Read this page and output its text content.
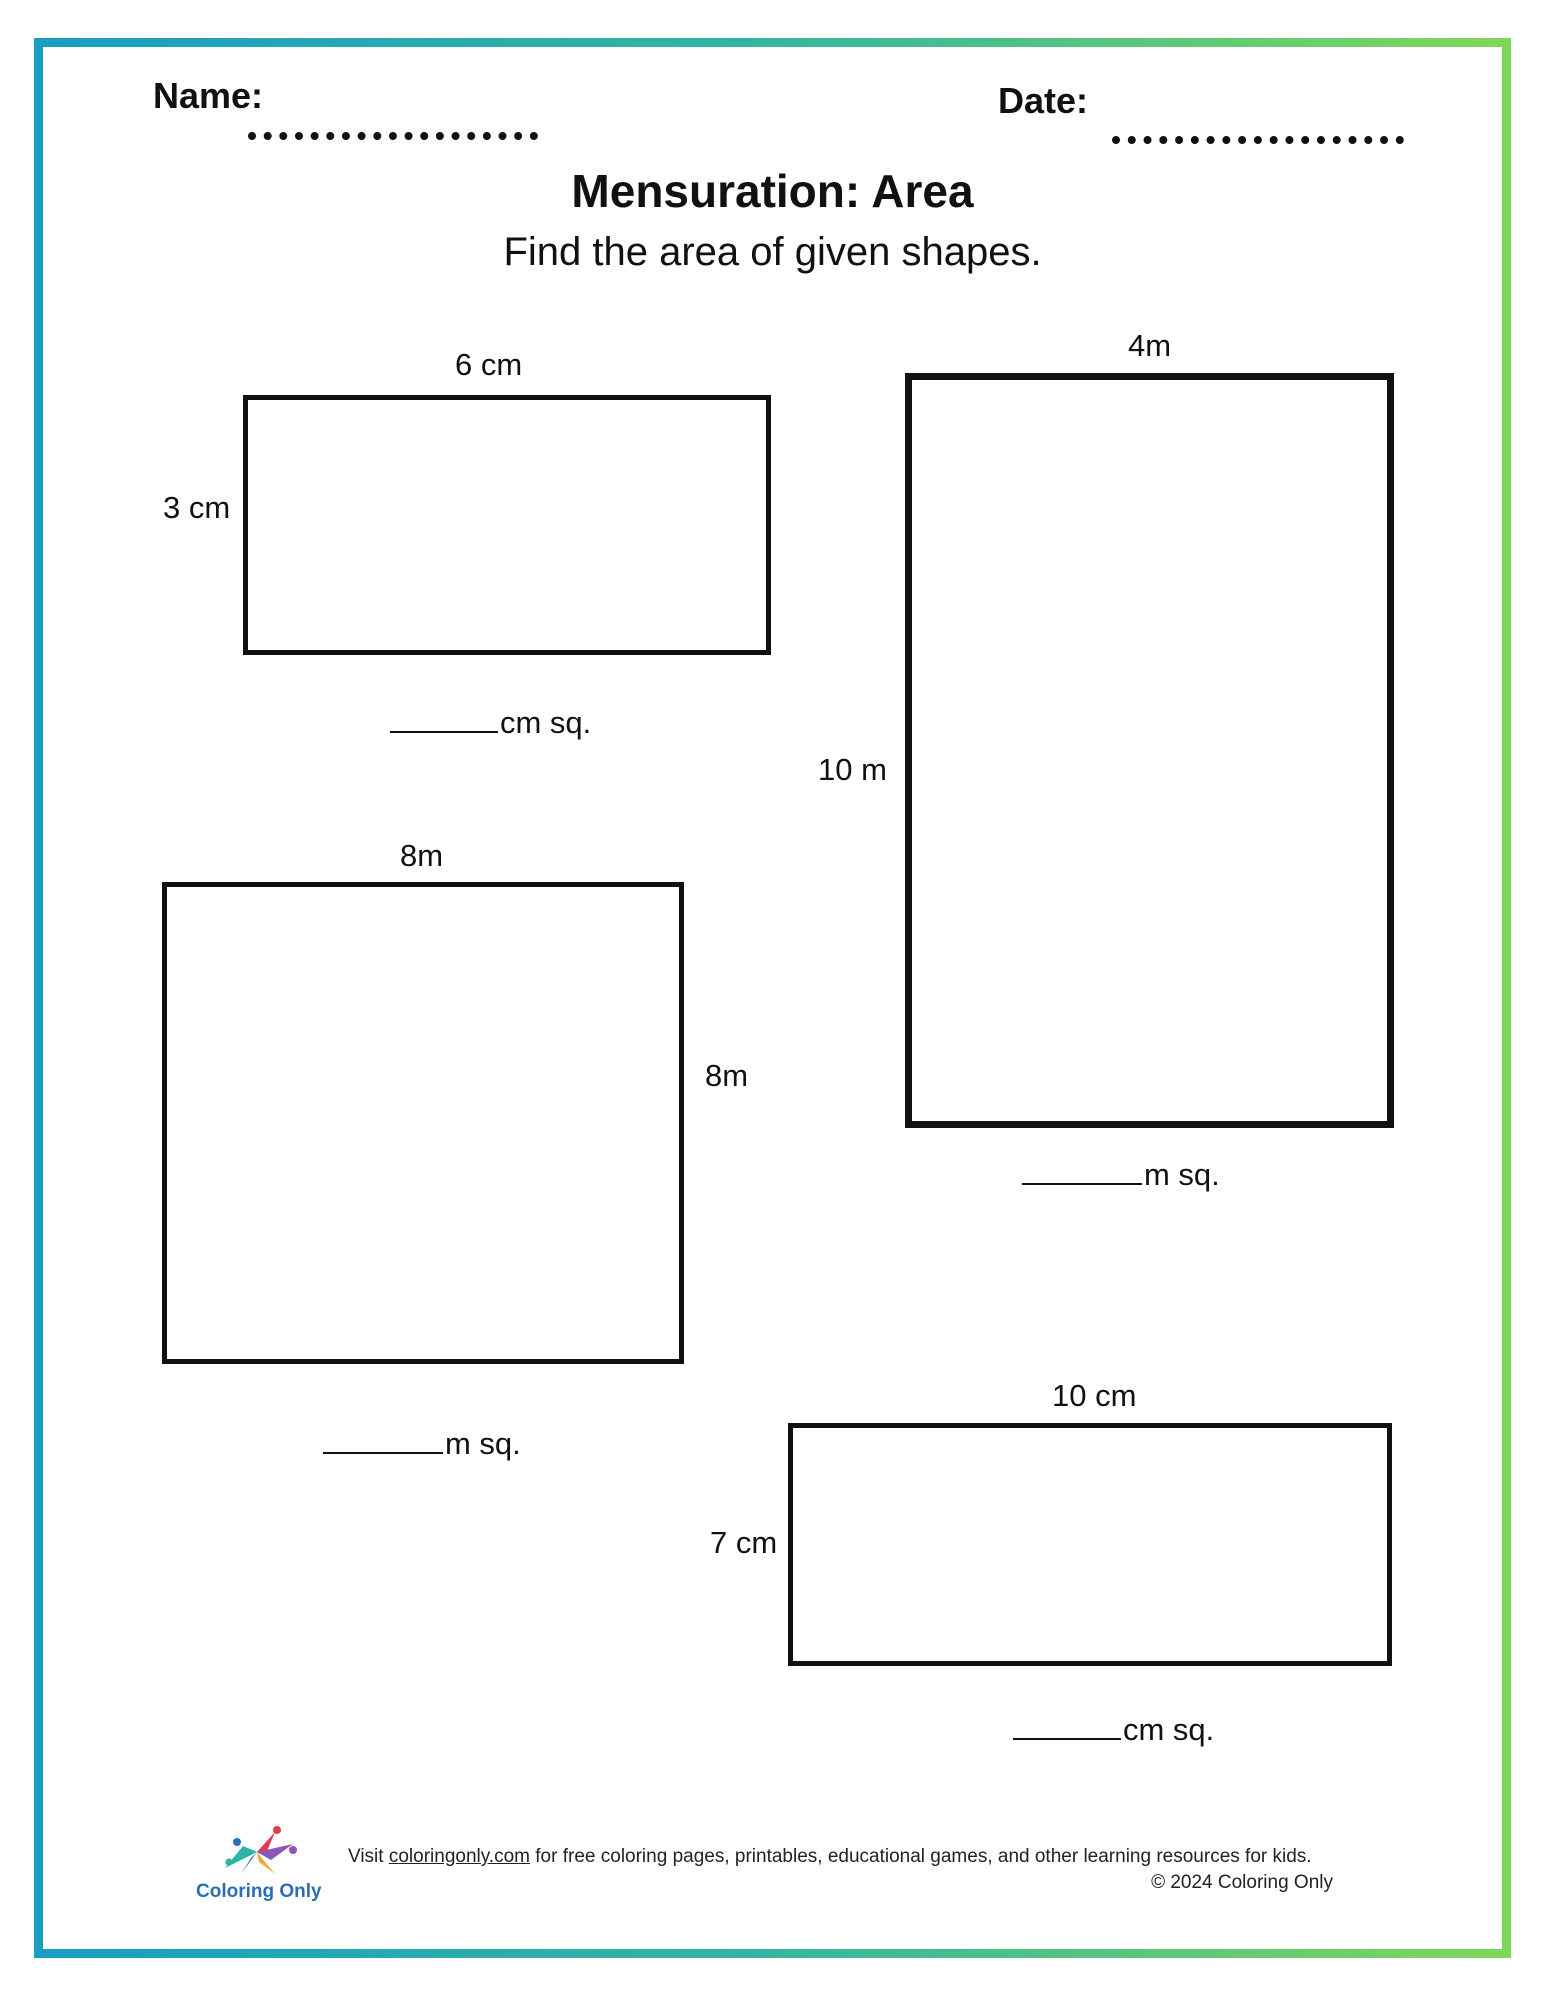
Name:	Date:
Mensuration: Area
Find the area of given shapes.
6 cm
3 cm
cm sq.
4m
10 m
m sq.
8m
8m
m sq.
10 cm
7 cm
cm sq.
Coloring Only
Visit coloringonly.com for free coloring pages, printables, educational games, and other learning resources for kids.
© 2024 Coloring Only
